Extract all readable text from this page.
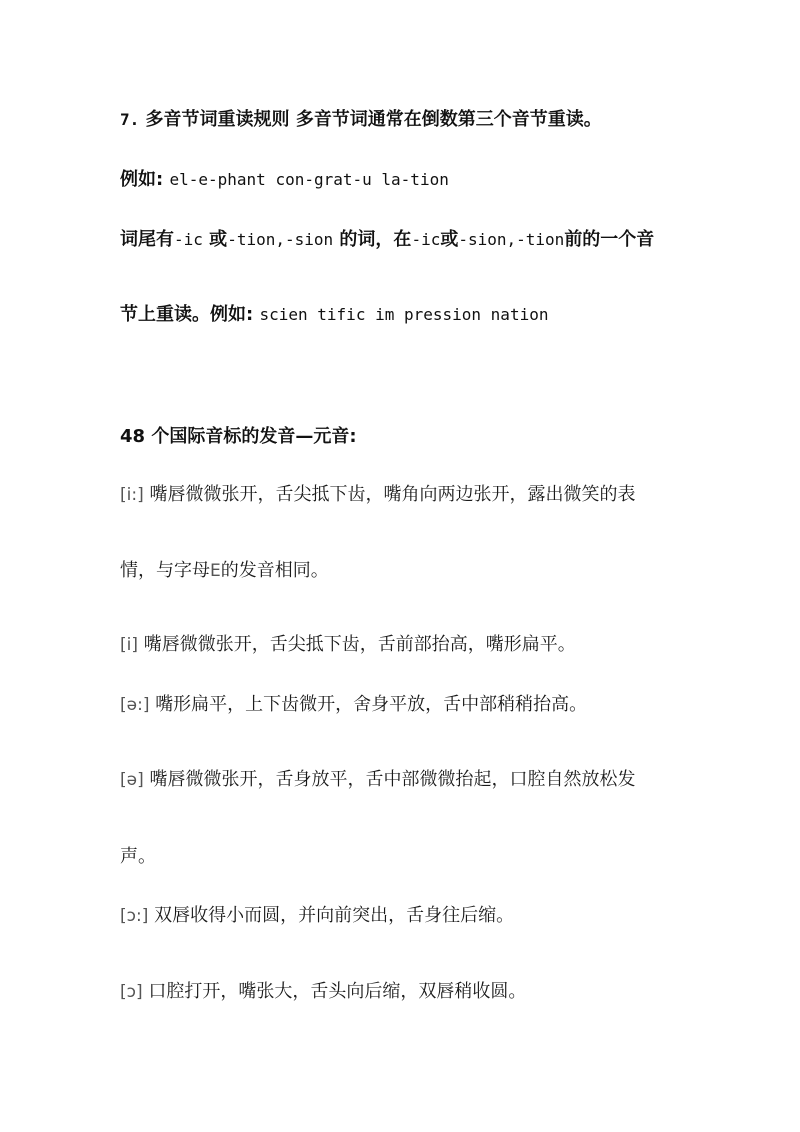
7. 多音节词重读规则 多音节词通常在倒数第三个音节重读。
例如: el-e-phant con-grat-u la-tion
词尾有-ic 或-tion,-sion 的词，在-ic或-sion,-tion前的一个音
节上重读。例如: scien tific im pression nation
48 个国际音标的发音—元音:
[i:] 嘴唇微微张开，舌尖抵下齿，嘴角向两边张开，露出微笑的表
情，与字母E的发音相同。
[i] 嘴唇微微张开，舌尖抵下齿，舌前部抬高，嘴形扁平。
[ə:] 嘴形扁平，上下齿微开，舍身平放，舌中部稍稍抬高。
[ə] 嘴唇微微张开，舌身放平，舌中部微微抬起，口腔自然放松发
声。
[ɔ:] 双唇收得小而圆，并向前突出，舌身往后缩。
[ɔ] 口腔打开，嘴张大，舌头向后缩，双唇稍收圆。
